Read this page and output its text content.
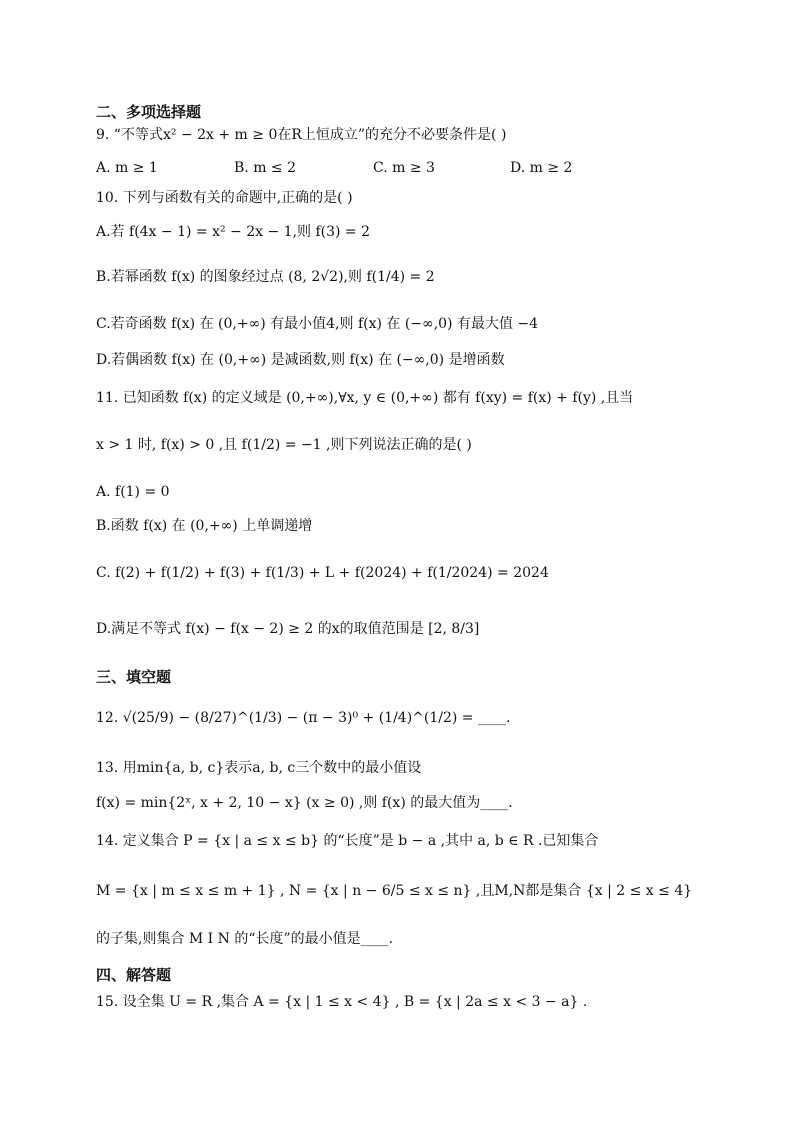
二、多项选择题
9. “不等式x² − 2x + m ≥ 0在R上恒成立”的充分不必要条件是( )
A. m ≥ 1	B. m ≤ 2	C. m ≥ 3	D. m ≥ 2
10. 下列与函数有关的命题中,正确的是( )
A.若 f(4x − 1) = x² − 2x − 1,则 f(3) = 2
B.若幂函数 f(x) 的图象经过点 (8, 2√2),则 f(1/4) = 2
C.若奇函数 f(x) 在 (0,+∞) 有最小值4,则 f(x) 在 (−∞,0) 有最大值 −4
D.若偶函数 f(x) 在 (0,+∞) 是减函数,则 f(x) 在 (−∞,0) 是增函数
11. 已知函数 f(x) 的定义域是 (0,+∞),∀x, y ∈ (0,+∞) 都有 f(xy) = f(x) + f(y) ,且当
x > 1 时, f(x) > 0 ,且 f(1/2) = −1 ,则下列说法正确的是( )
A. f(1) = 0
B.函数 f(x) 在 (0,+∞) 上单调递增
C. f(2) + f(1/2) + f(3) + f(1/3) + L + f(2024) + f(1/2024) = 2024
D.满足不等式 f(x) − f(x − 2) ≥ 2 的x的取值范围是 [2, 8/3]
三、填空题
12. √(25/9) − (8/27)^(1/3) − (π − 3)⁰ + (1/4)^(1/2) = ____.
13. 用min{a, b, c}表示a, b, c三个数中的最小值设
f(x) = min{2ˣ, x + 2, 10 − x} (x ≥ 0) ,则 f(x) 的最大值为____.
14. 定义集合 P = {x | a ≤ x ≤ b} 的“长度”是 b − a ,其中 a, b ∈ R .已知集合
M = {x | m ≤ x ≤ m + 1} , N = {x | n − 6/5 ≤ x ≤ n} ,且M,N都是集合 {x | 2 ≤ x ≤ 4}
的子集,则集合 M I N 的“长度”的最小值是____.
四、解答题
15. 设全集 U = R ,集合 A = {x | 1 ≤ x < 4} , B = {x | 2a ≤ x < 3 − a} .
